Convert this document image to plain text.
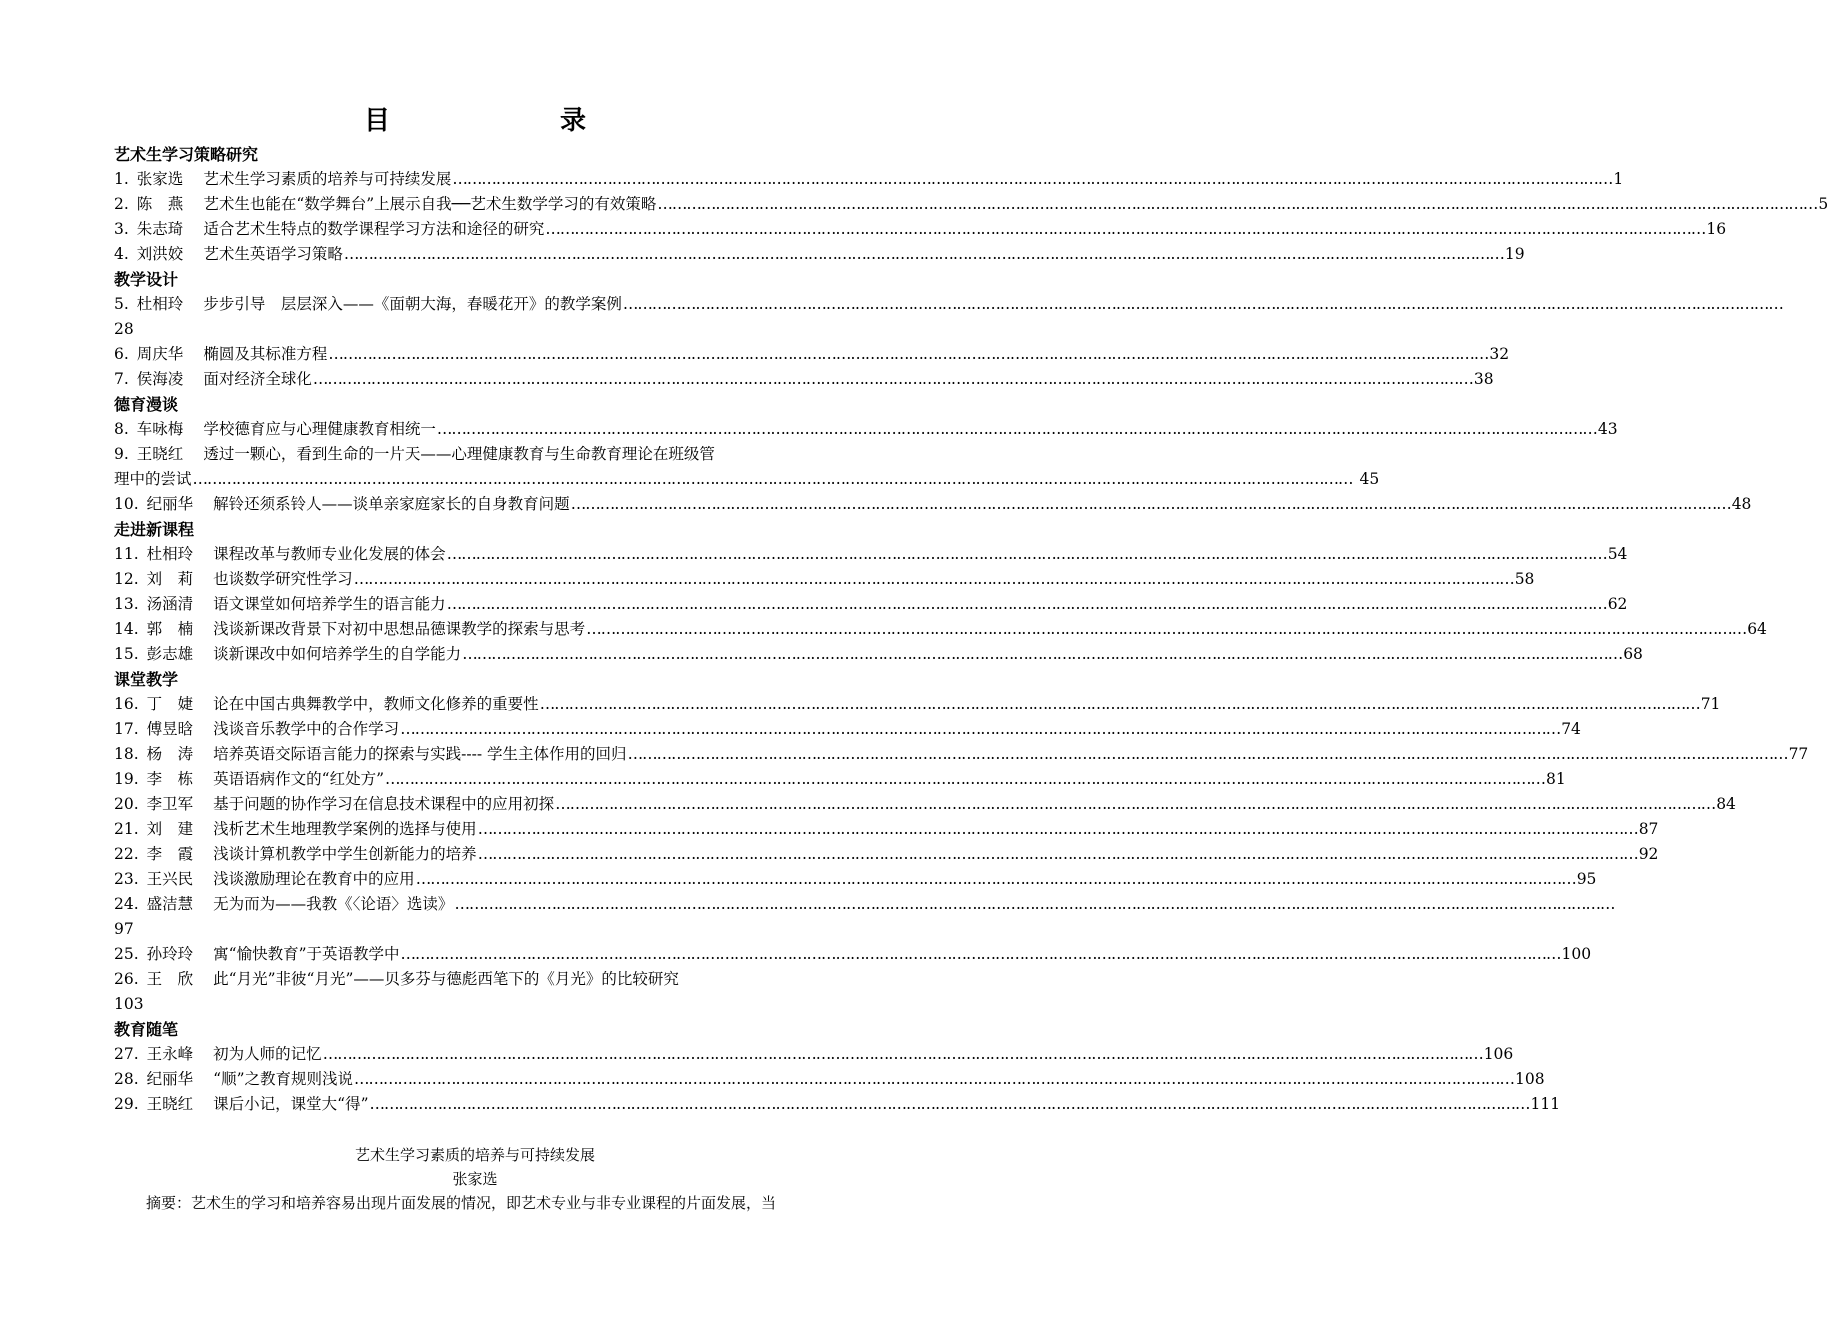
目　录
艺术生学习策略研究
1. 张家选 艺术生学习素质的培养与可持续发展 …………………………………………………………………………………………………………………………………………………………………………………………………………………… 1
2. 陈　燕 艺术生也能在“数学舞台”上展示自我──艺术生数学学习的有效策略 …………………………………………………………………………………………………………………………………………………………………………………………………………………… 5
3. 朱志琦 适合艺术生特点的数学课程学习方法和途径的研究 …………………………………………………………………………………………………………………………………………………………………………………………………………………… 16
4. 刘洪姣 艺术生英语学习策略 …………………………………………………………………………………………………………………………………………………………………………………………………………………… 19
教学设计
5. 杜相玲 步步引导　层层深入——《面朝大海，春暖花开》的教学案例 ……………………………………………………………………………………………………………………………………………………………………………………………………………………
28
6. 周庆华 椭圆及其标准方程 …………………………………………………………………………………………………………………………………………………………………………………………………………………… 32
7. 侯海凌 面对经济全球化 …………………………………………………………………………………………………………………………………………………………………………………………………………………… 38
德育漫谈
8. 车咏梅 学校德育应与心理健康教育相统一 …………………………………………………………………………………………………………………………………………………………………………………………………………………… 43
9. 王晓红 透过一颗心，看到生命的一片天——心理健康教育与生命教育理论在班级管
理中的尝试 …………………………………………………………………………………………………………………………………………………………………………………………………………………… 45
10. 纪丽华 解铃还须系铃人——谈单亲家庭家长的自身教育问题 …………………………………………………………………………………………………………………………………………………………………………………………………………………… 48
走进新课程
11. 杜相玲 课程改革与教师专业化发展的体会 …………………………………………………………………………………………………………………………………………………………………………………………………………………… 54
12. 刘　莉 也谈数学研究性学习 …………………………………………………………………………………………………………………………………………………………………………………………………………………… 58
13. 汤涵清 语文课堂如何培养学生的语言能力 …………………………………………………………………………………………………………………………………………………………………………………………………………………… 62
14. 郭　楠 浅谈新课改背景下对初中思想品德课教学的探索与思考 …………………………………………………………………………………………………………………………………………………………………………………………………………………… 64
15. 彭志雄 谈新课改中如何培养学生的自学能力 …………………………………………………………………………………………………………………………………………………………………………………………………………………… 68
课堂教学
16. 丁　婕 论在中国古典舞教学中，教师文化修养的重要性 …………………………………………………………………………………………………………………………………………………………………………………………………………………… 71
17. 傅昱晗 浅谈音乐教学中的合作学习 …………………………………………………………………………………………………………………………………………………………………………………………………………………… 74
18. 杨　涛 培养英语交际语言能力的探索与实践---- 学生主体作用的回归 …………………………………………………………………………………………………………………………………………………………………………………………………………………… 77
19. 李　栋 英语语病作文的“红处方” …………………………………………………………………………………………………………………………………………………………………………………………………………………… 81
20. 李卫军 基于问题的协作学习在信息技术课程中的应用初探 …………………………………………………………………………………………………………………………………………………………………………………………………………………… 84
21. 刘　建 浅析艺术生地理教学案例的选择与使用 …………………………………………………………………………………………………………………………………………………………………………………………………………………… 87
22. 李　霞 浅谈计算机教学中学生创新能力的培养 …………………………………………………………………………………………………………………………………………………………………………………………………………………… 92
23. 王兴民 浅谈激励理论在教育中的应用 …………………………………………………………………………………………………………………………………………………………………………………………………………………… 95
24. 盛洁慧 无为而为——我教《〈论语〉选读》 ……………………………………………………………………………………………………………………………………………………………………………………………………………………
97
25. 孙玲玲 寓“愉快教育”于英语教学中 …………………………………………………………………………………………………………………………………………………………………………………………………………………… 100
26. 王　欣 此“月光”非彼“月光”——贝多芬与德彪西笔下的《月光》的比较研究
103
教育随笔
27. 王永峰 初为人师的记忆 …………………………………………………………………………………………………………………………………………………………………………………………………………………… 106
28. 纪丽华 “顺”之教育规则浅说 …………………………………………………………………………………………………………………………………………………………………………………………………………………… 108
29. 王晓红 课后小记，课堂大“得” …………………………………………………………………………………………………………………………………………………………………………………………………………………… 111
艺术生学习素质的培养与可持续发展
张家选
摘要：艺术生的学习和培养容易出现片面发展的情况，即艺术专业与非专业课程的片面发展，当
